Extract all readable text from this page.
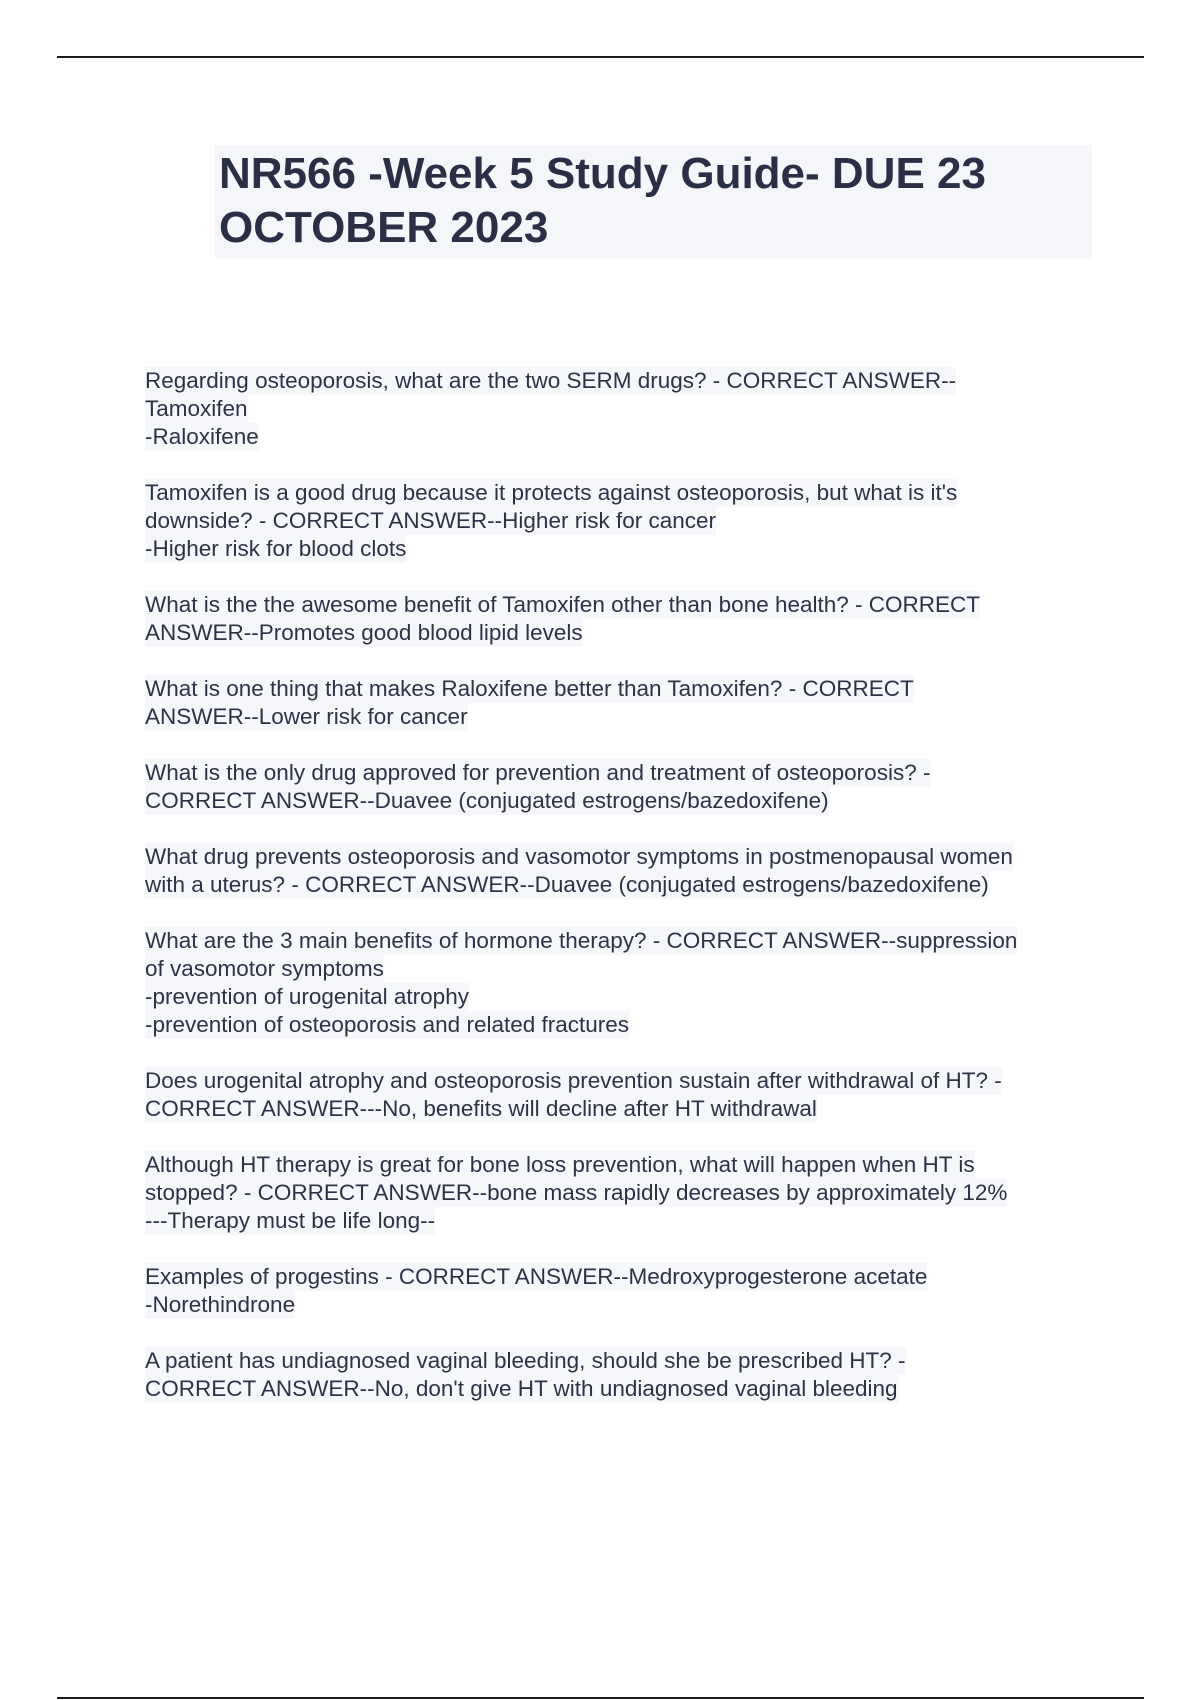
NR566 -Week 5 Study Guide- DUE 23
OCTOBER 2023
Regarding osteoporosis, what are the two SERM drugs? - CORRECT ANSWER--
Tamoxifen
-Raloxifene
Tamoxifen is a good drug because it protects against osteoporosis, but what is it's
downside? - CORRECT ANSWER--Higher risk for cancer
-Higher risk for blood clots
What is the the awesome benefit of Tamoxifen other than bone health? - CORRECT
ANSWER--Promotes good blood lipid levels
What is one thing that makes Raloxifene better than Tamoxifen? - CORRECT
ANSWER--Lower risk for cancer
What is the only drug approved for prevention and treatment of osteoporosis? -
CORRECT ANSWER--Duavee (conjugated estrogens/bazedoxifene)
What drug prevents osteoporosis and vasomotor symptoms in postmenopausal women
with a uterus? - CORRECT ANSWER--Duavee (conjugated estrogens/bazedoxifene)
What are the 3 main benefits of hormone therapy? - CORRECT ANSWER--suppression
of vasomotor symptoms
-prevention of urogenital atrophy
-prevention of osteoporosis and related fractures
Does urogenital atrophy and osteoporosis prevention sustain after withdrawal of HT? -
CORRECT ANSWER---No, benefits will decline after HT withdrawal
Although HT therapy is great for bone loss prevention, what will happen when HT is
stopped? - CORRECT ANSWER--bone mass rapidly decreases by approximately 12%
---Therapy must be life long--
Examples of progestins - CORRECT ANSWER--Medroxyprogesterone acetate
-Norethindrone
A patient has undiagnosed vaginal bleeding, should she be prescribed HT? -
CORRECT ANSWER--No, don't give HT with undiagnosed vaginal bleeding
